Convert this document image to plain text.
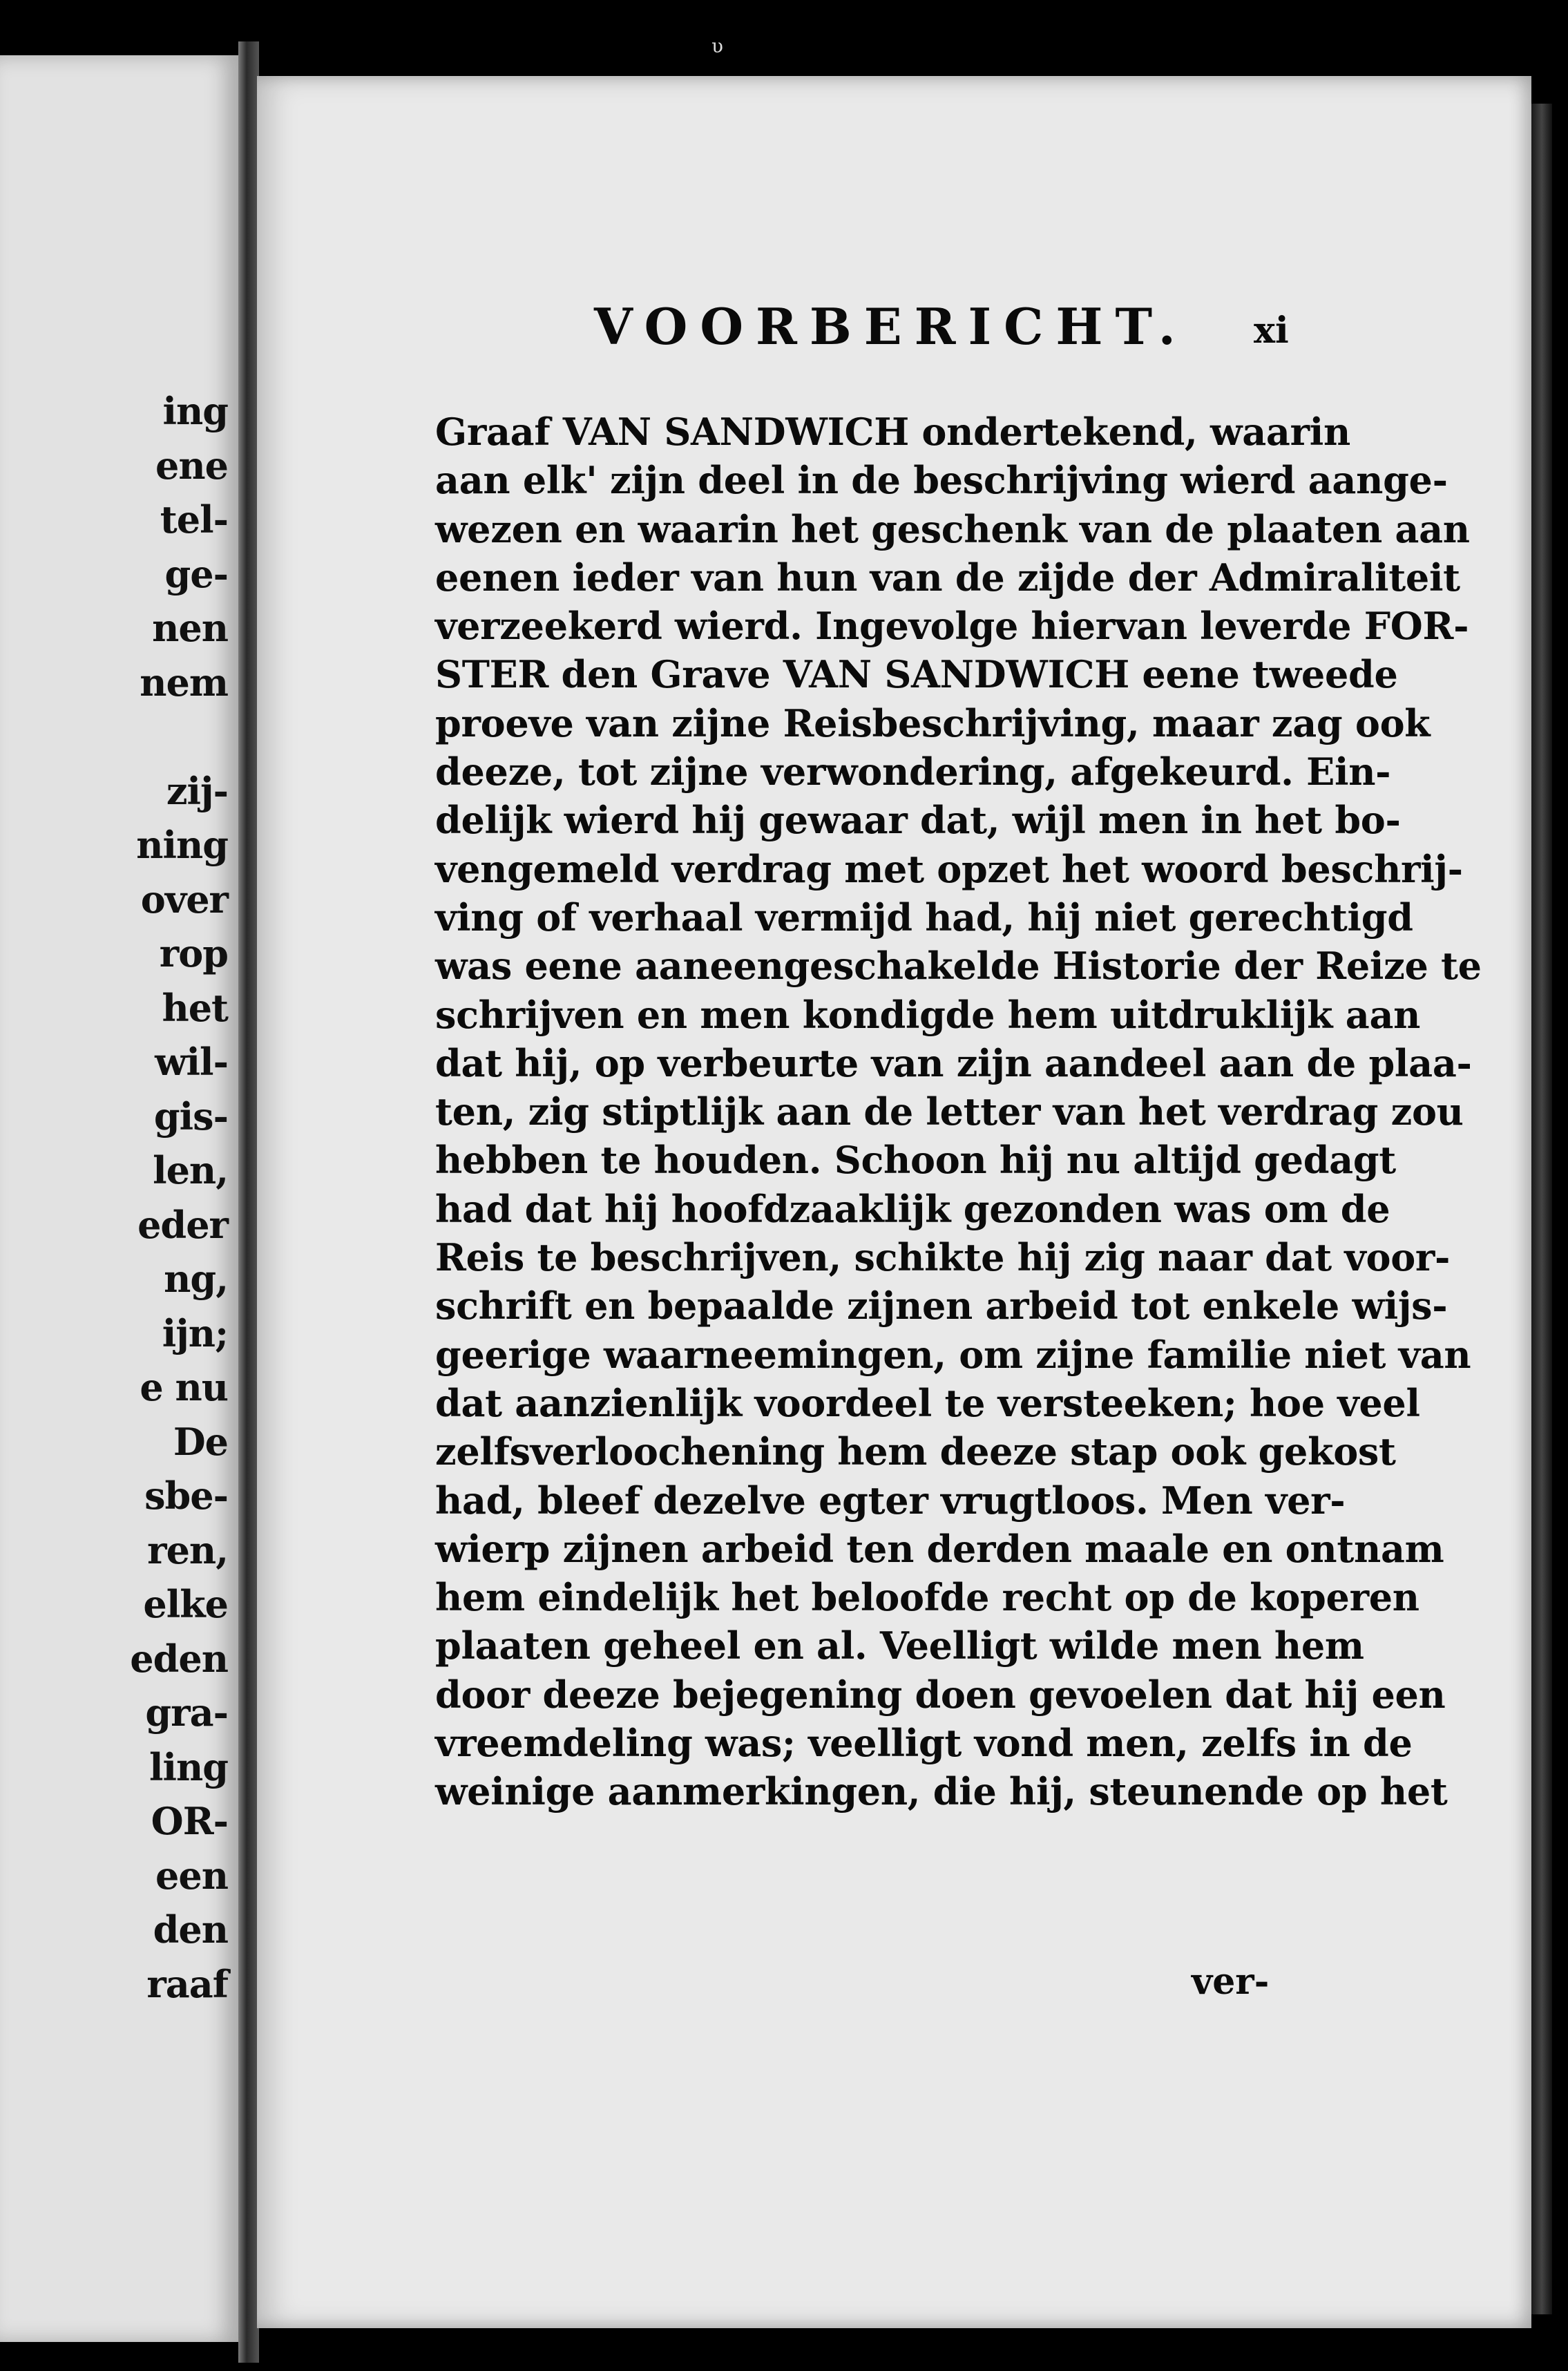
υ
ing
ene
tel-
ge-
nen
nem
zij-
ning
over
rop
het
wil-
gis-
len,
eder
ng,
ijn;
e nu
De
sbe-
ren,
elke
eden
gra-
ling
OR-
een
den
raaf
VOORBERICHT. xi
Graaf VAN SANDWICH ondertekend, waarin
aan elk' zijn deel in de beschrijving wierd aange-
wezen en waarin het geschenk van de plaaten aan
eenen ieder van hun van de zijde der Admiraliteit
verzeekerd wierd. Ingevolge hiervan leverde FOR-
STER den Grave VAN SANDWICH eene tweede
proeve van zijne Reisbeschrijving, maar zag ook
deeze, tot zijne verwondering, afgekeurd. Ein-
delijk wierd hij gewaar dat, wijl men in het bo-
vengemeld verdrag met opzet het woord beschrij-
ving of verhaal vermijd had, hij niet gerechtigd
was eene aaneengeschakelde Historie der Reize te
schrijven en men kondigde hem uitdruklijk aan
dat hij, op verbeurte van zijn aandeel aan de plaa-
ten, zig stiptlijk aan de letter van het verdrag zou
hebben te houden. Schoon hij nu altijd gedagt
had dat hij hoofdzaaklijk gezonden was om de
Reis te beschrijven, schikte hij zig naar dat voor-
schrift en bepaalde zijnen arbeid tot enkele wijs-
geerige waarneemingen, om zijne familie niet van
dat aanzienlijk voordeel te versteeken; hoe veel
zelfsverloochening hem deeze stap ook gekost
had, bleef dezelve egter vrugtloos. Men ver-
wierp zijnen arbeid ten derden maale en ontnam
hem eindelijk het beloofde recht op de koperen
plaaten geheel en al. Veelligt wilde men hem
door deeze bejegening doen gevoelen dat hij een
vreemdeling was; veelligt vond men, zelfs in de
weinige aanmerkingen, die hij, steunende op het
ver-
